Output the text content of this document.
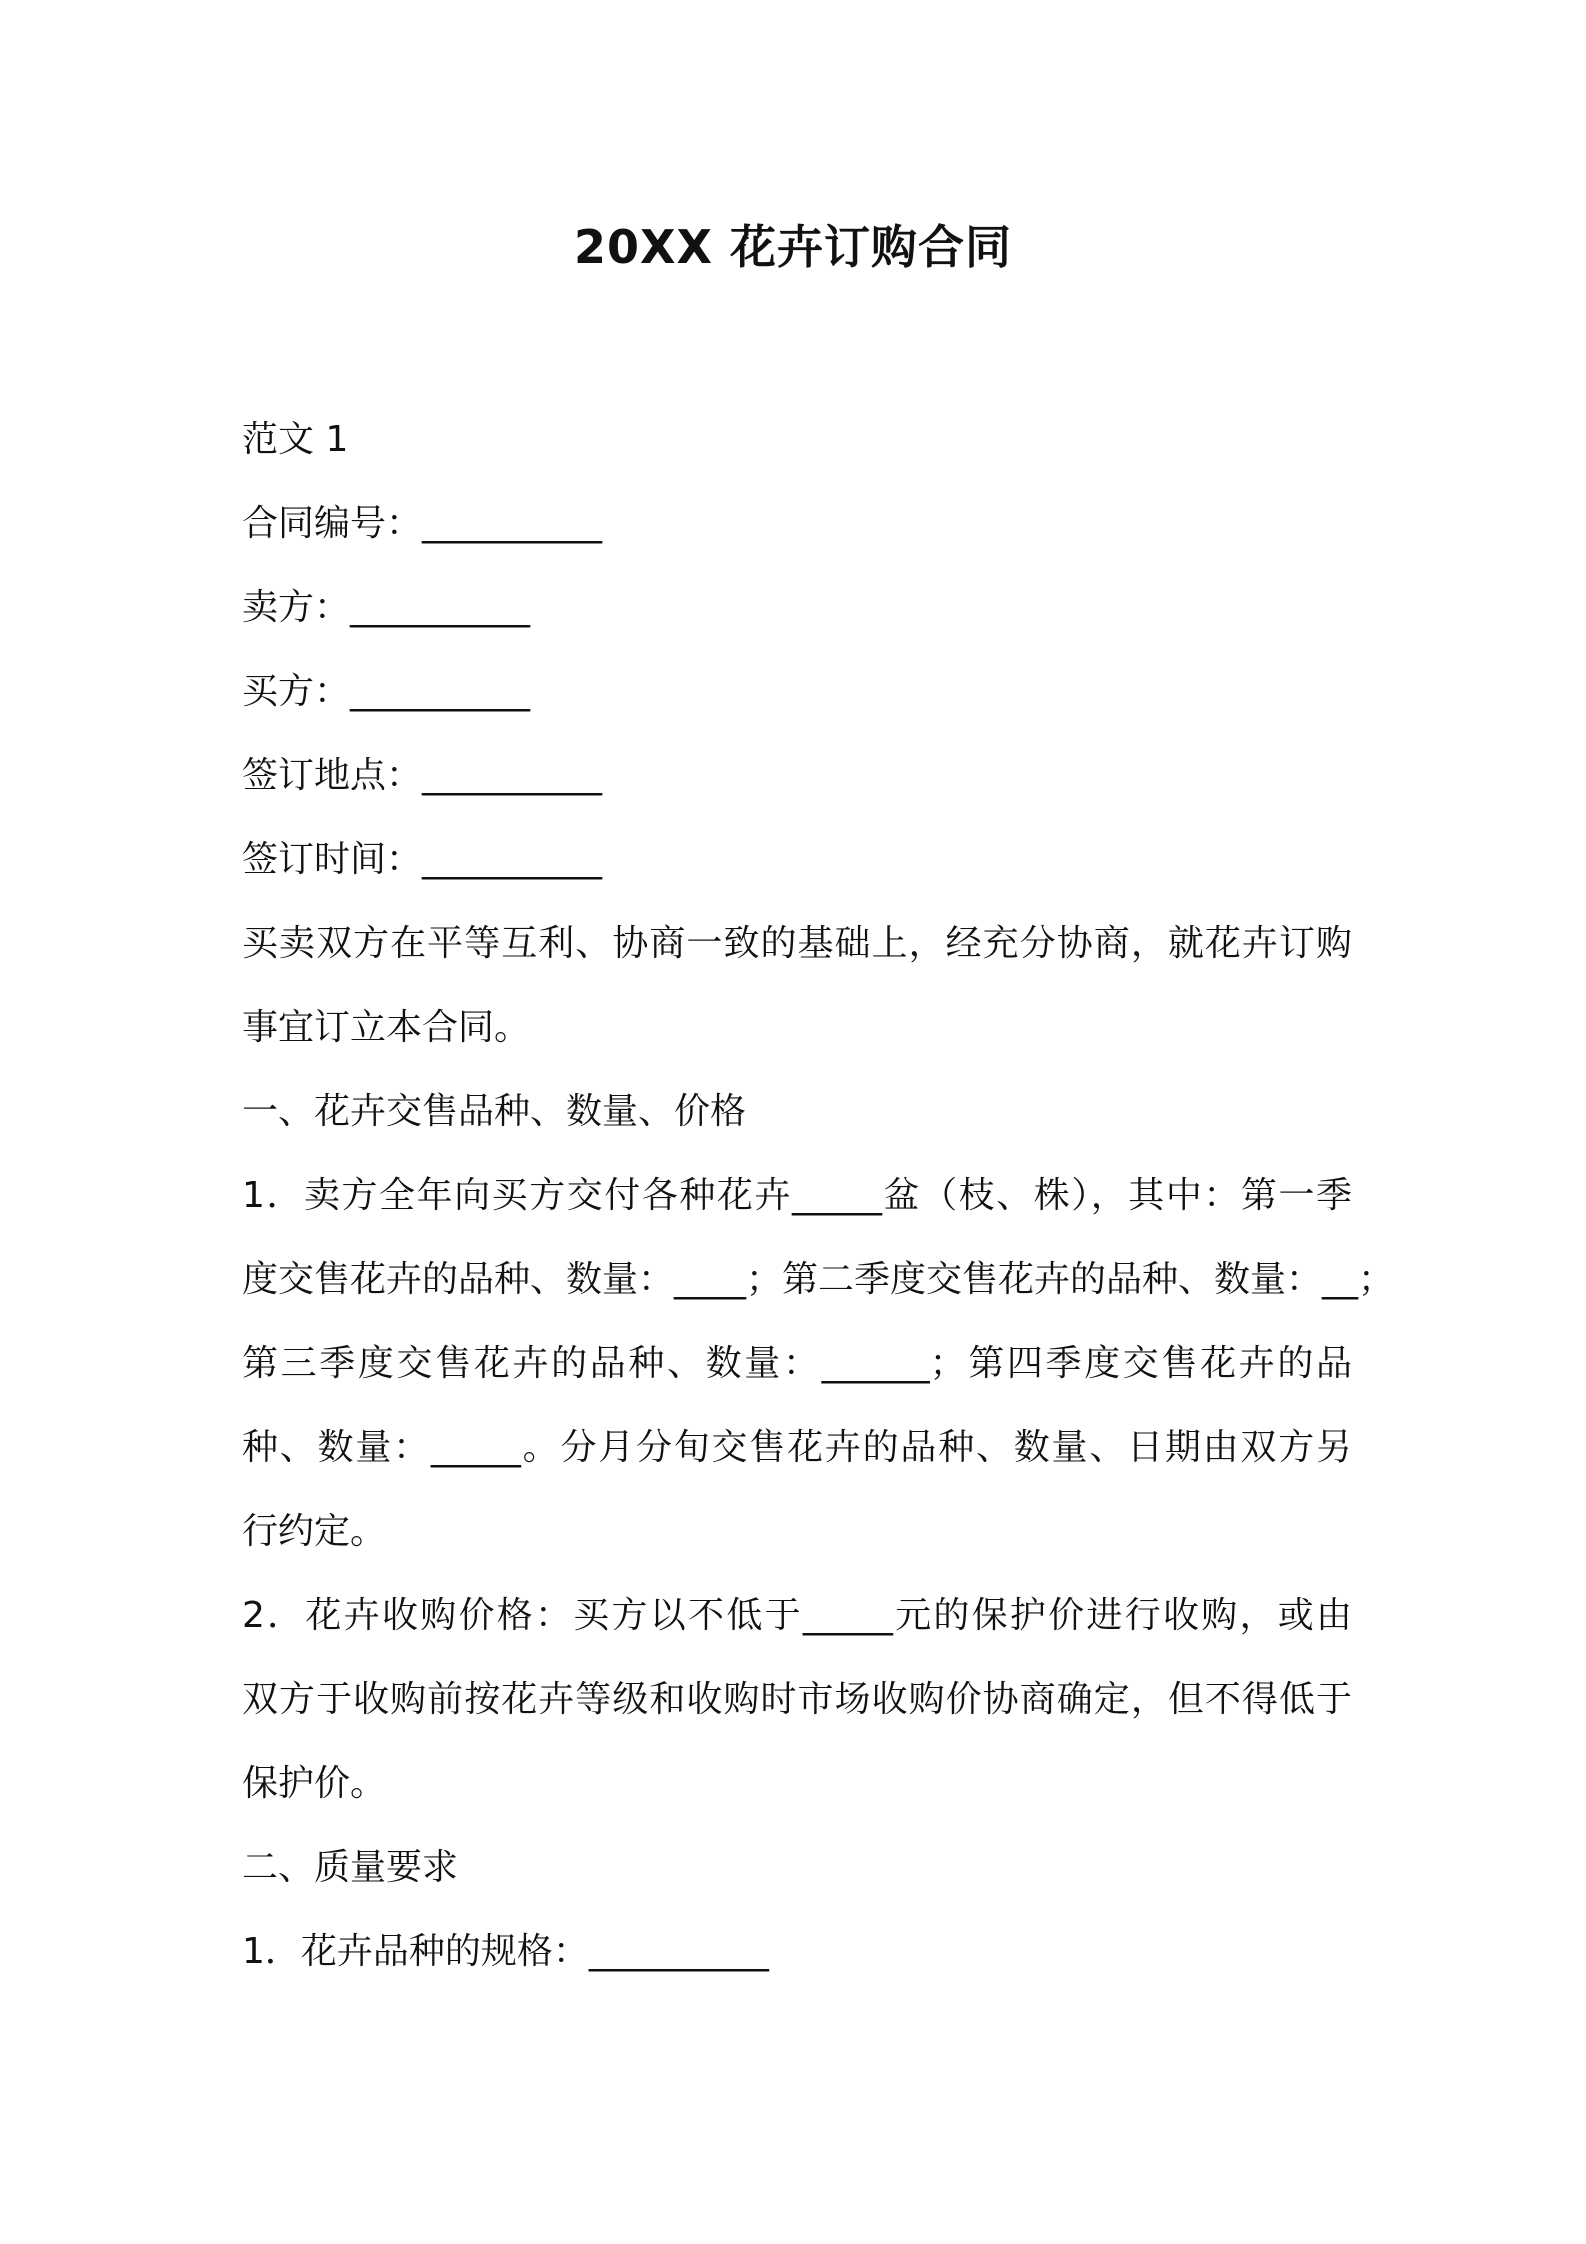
20XX 花卉订购合同

范文 1

合同编号：__________

卖方：__________

买方：__________

签订地点：__________

签订时间：__________

买卖双方在平等互利、协商一致的基础上，经充分协商，就花卉订购

事宜订立本合同。

一、花卉交售品种、数量、价格

1．卖方全年向买方交付各种花卉_____盆（枝、株），其中：第一季

度交售花卉的品种、数量：____；第二季度交售花卉的品种、数量：__；

第三季度交售花卉的品种、数量：______；第四季度交售花卉的品

种、数量：_____。分月分旬交售花卉的品种、数量、日期由双方另

行约定。

2．花卉收购价格：买方以不低于_____元的保护价进行收购，或由

双方于收购前按花卉等级和收购时市场收购价协商确定，但不得低于

保护价。

二、质量要求

1．花卉品种的规格：__________
